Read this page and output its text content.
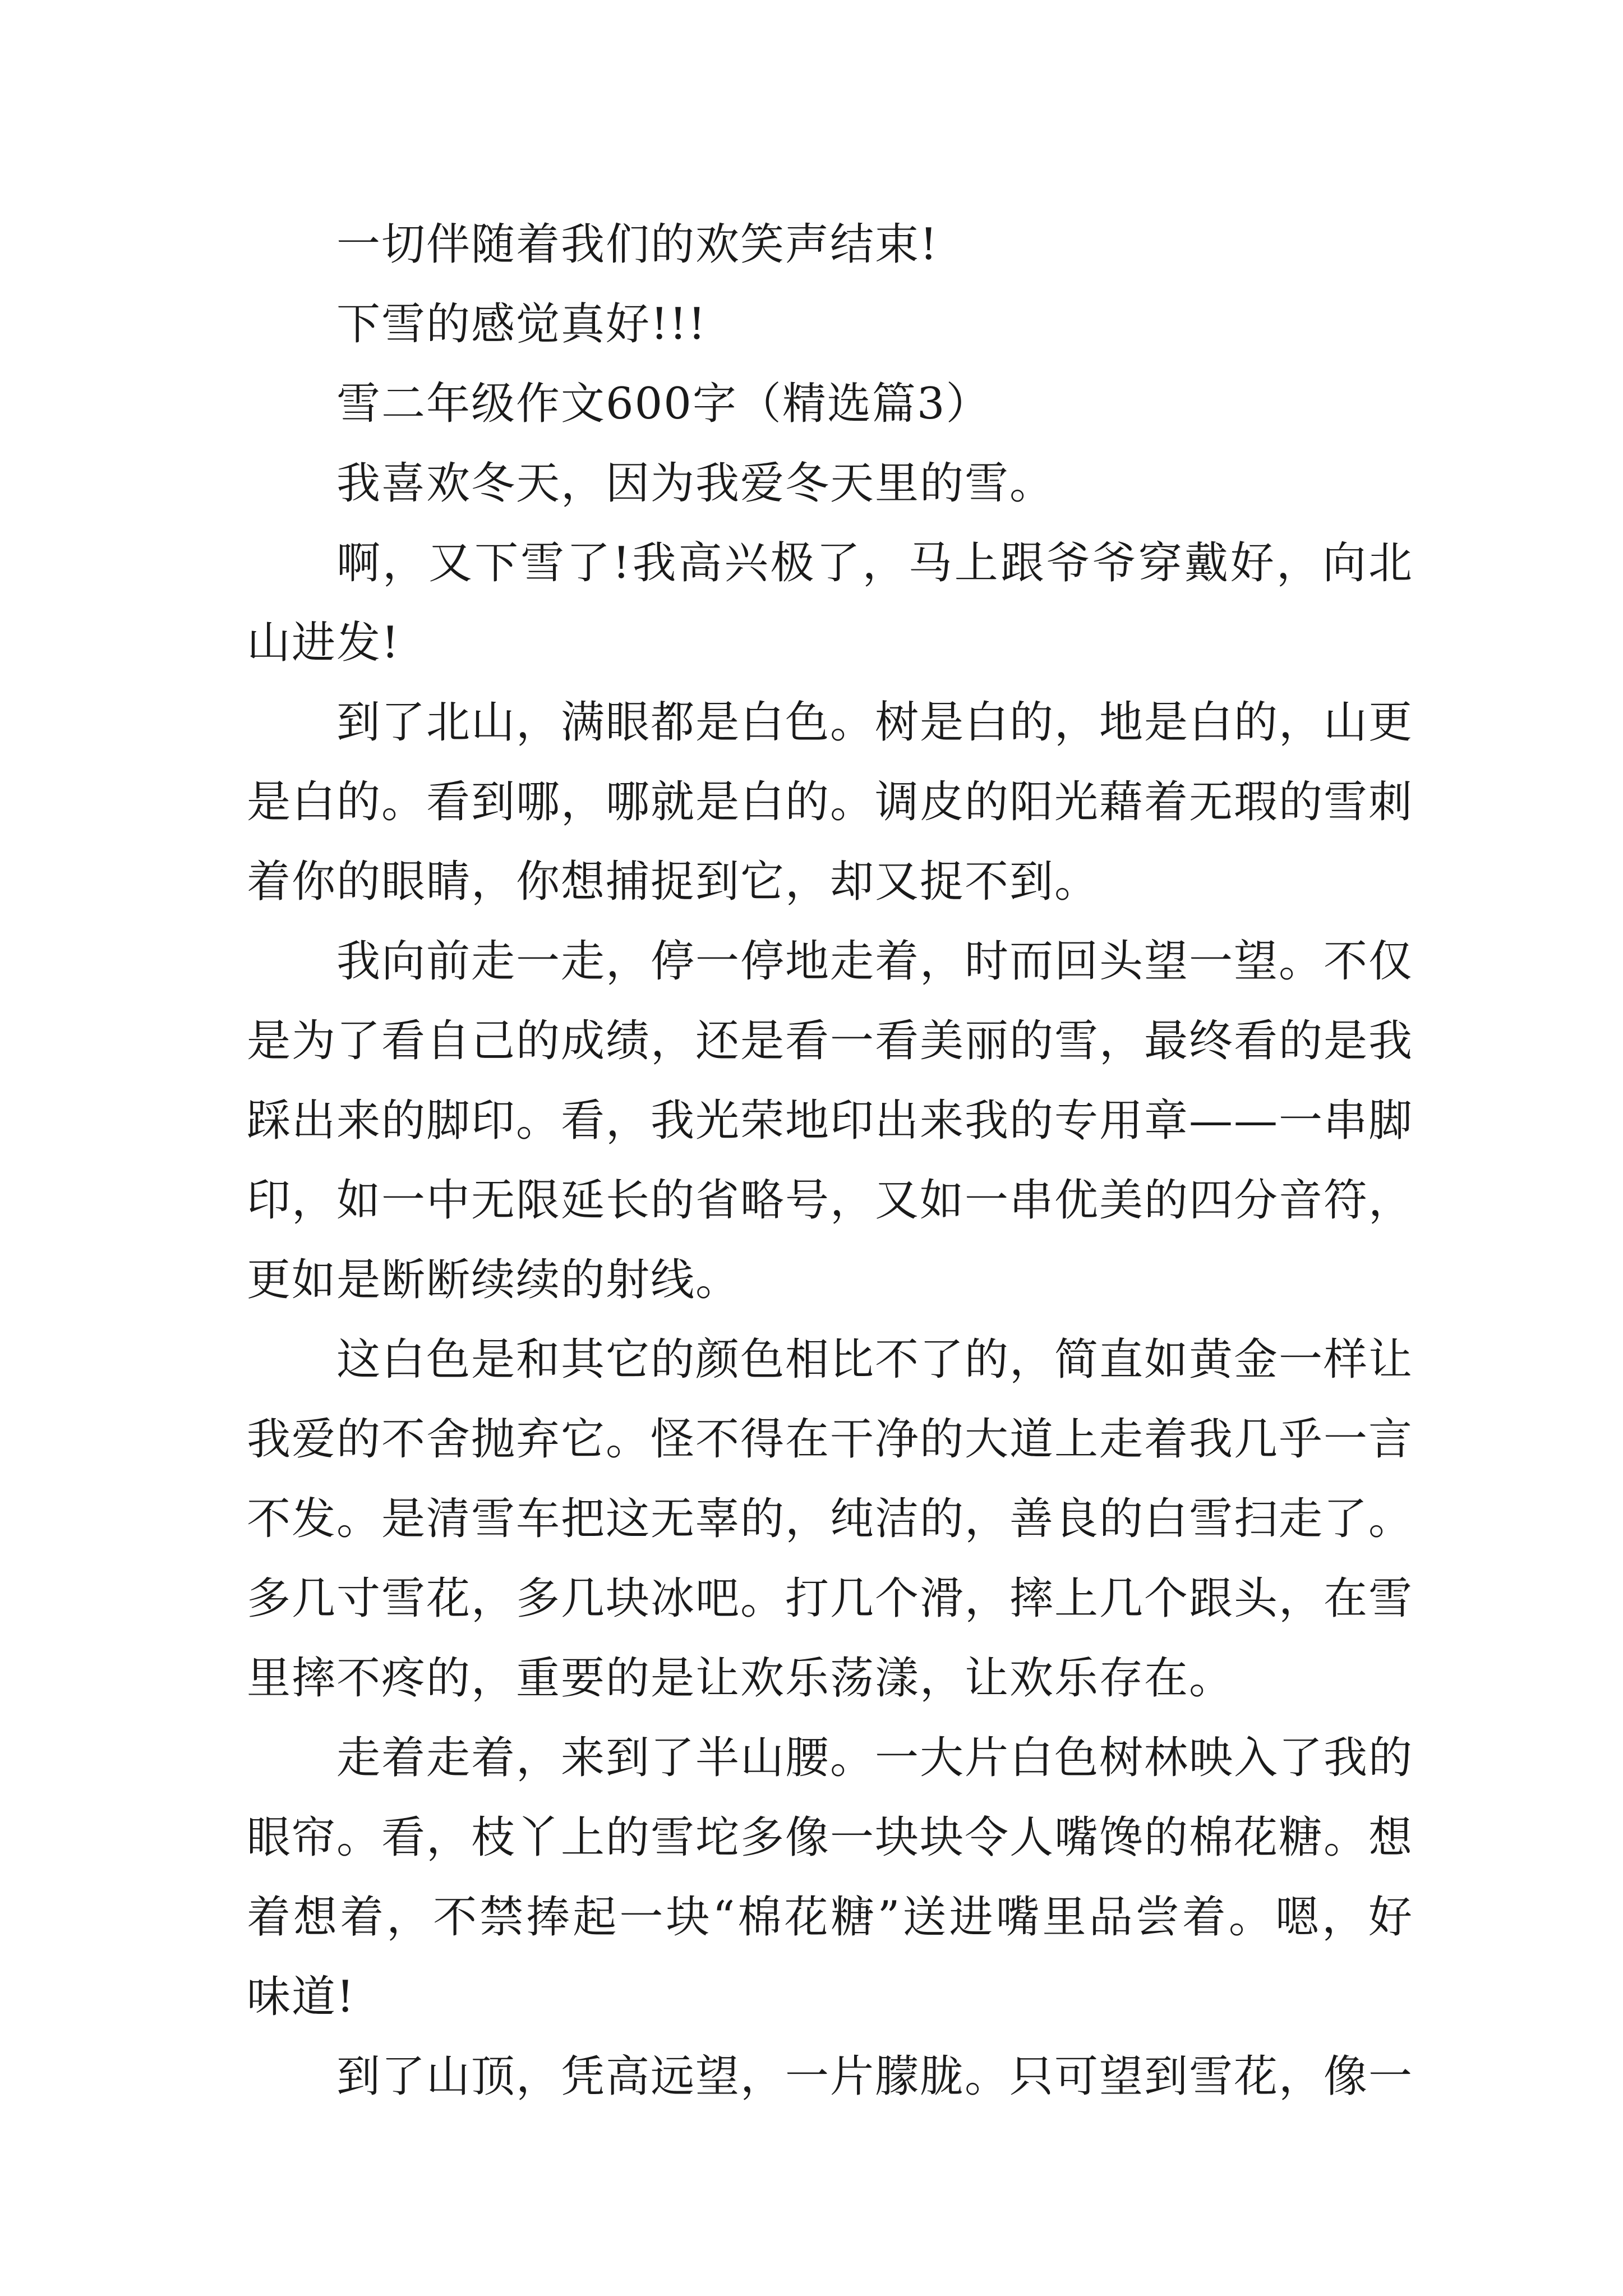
一切伴随着我们的欢笑声结束!

下雪的感觉真好!!!

雪二年级作文600字（精选篇3）

我喜欢冬天，因为我爱冬天里的雪。

啊，又下雪了!我高兴极了，马上跟爷爷穿戴好，向北山进发!

到了北山，满眼都是白色。树是白的，地是白的，山更是白的。看到哪，哪就是白的。调皮的阳光藉着无瑕的雪刺着你的眼睛，你想捕捉到它，却又捉不到。

我向前走一走，停一停地走着，时而回头望一望。不仅是为了看自己的成绩，还是看一看美丽的雪，最终看的是我踩出来的脚印。看，我光荣地印出来我的专用章——一串脚印，如一中无限延长的省略号，又如一串优美的四分音符，更如是断断续续的射线。

这白色是和其它的颜色相比不了的，简直如黄金一样让我爱的不舍抛弃它。怪不得在干净的大道上走着我几乎一言不发。是清雪车把这无辜的，纯洁的，善良的白雪扫走了。多几寸雪花，多几块冰吧。打几个滑，摔上几个跟头，在雪里摔不疼的，重要的是让欢乐荡漾，让欢乐存在。

走着走着，来到了半山腰。一大片白色树林映入了我的眼帘。看，枝丫上的雪坨多像一块块令人嘴馋的棉花糖。想着想着，不禁捧起一块“棉花糖”送进嘴里品尝着。嗯，好味道!

到了山顶，凭高远望，一片朦胧。只可望到雪花，像一
